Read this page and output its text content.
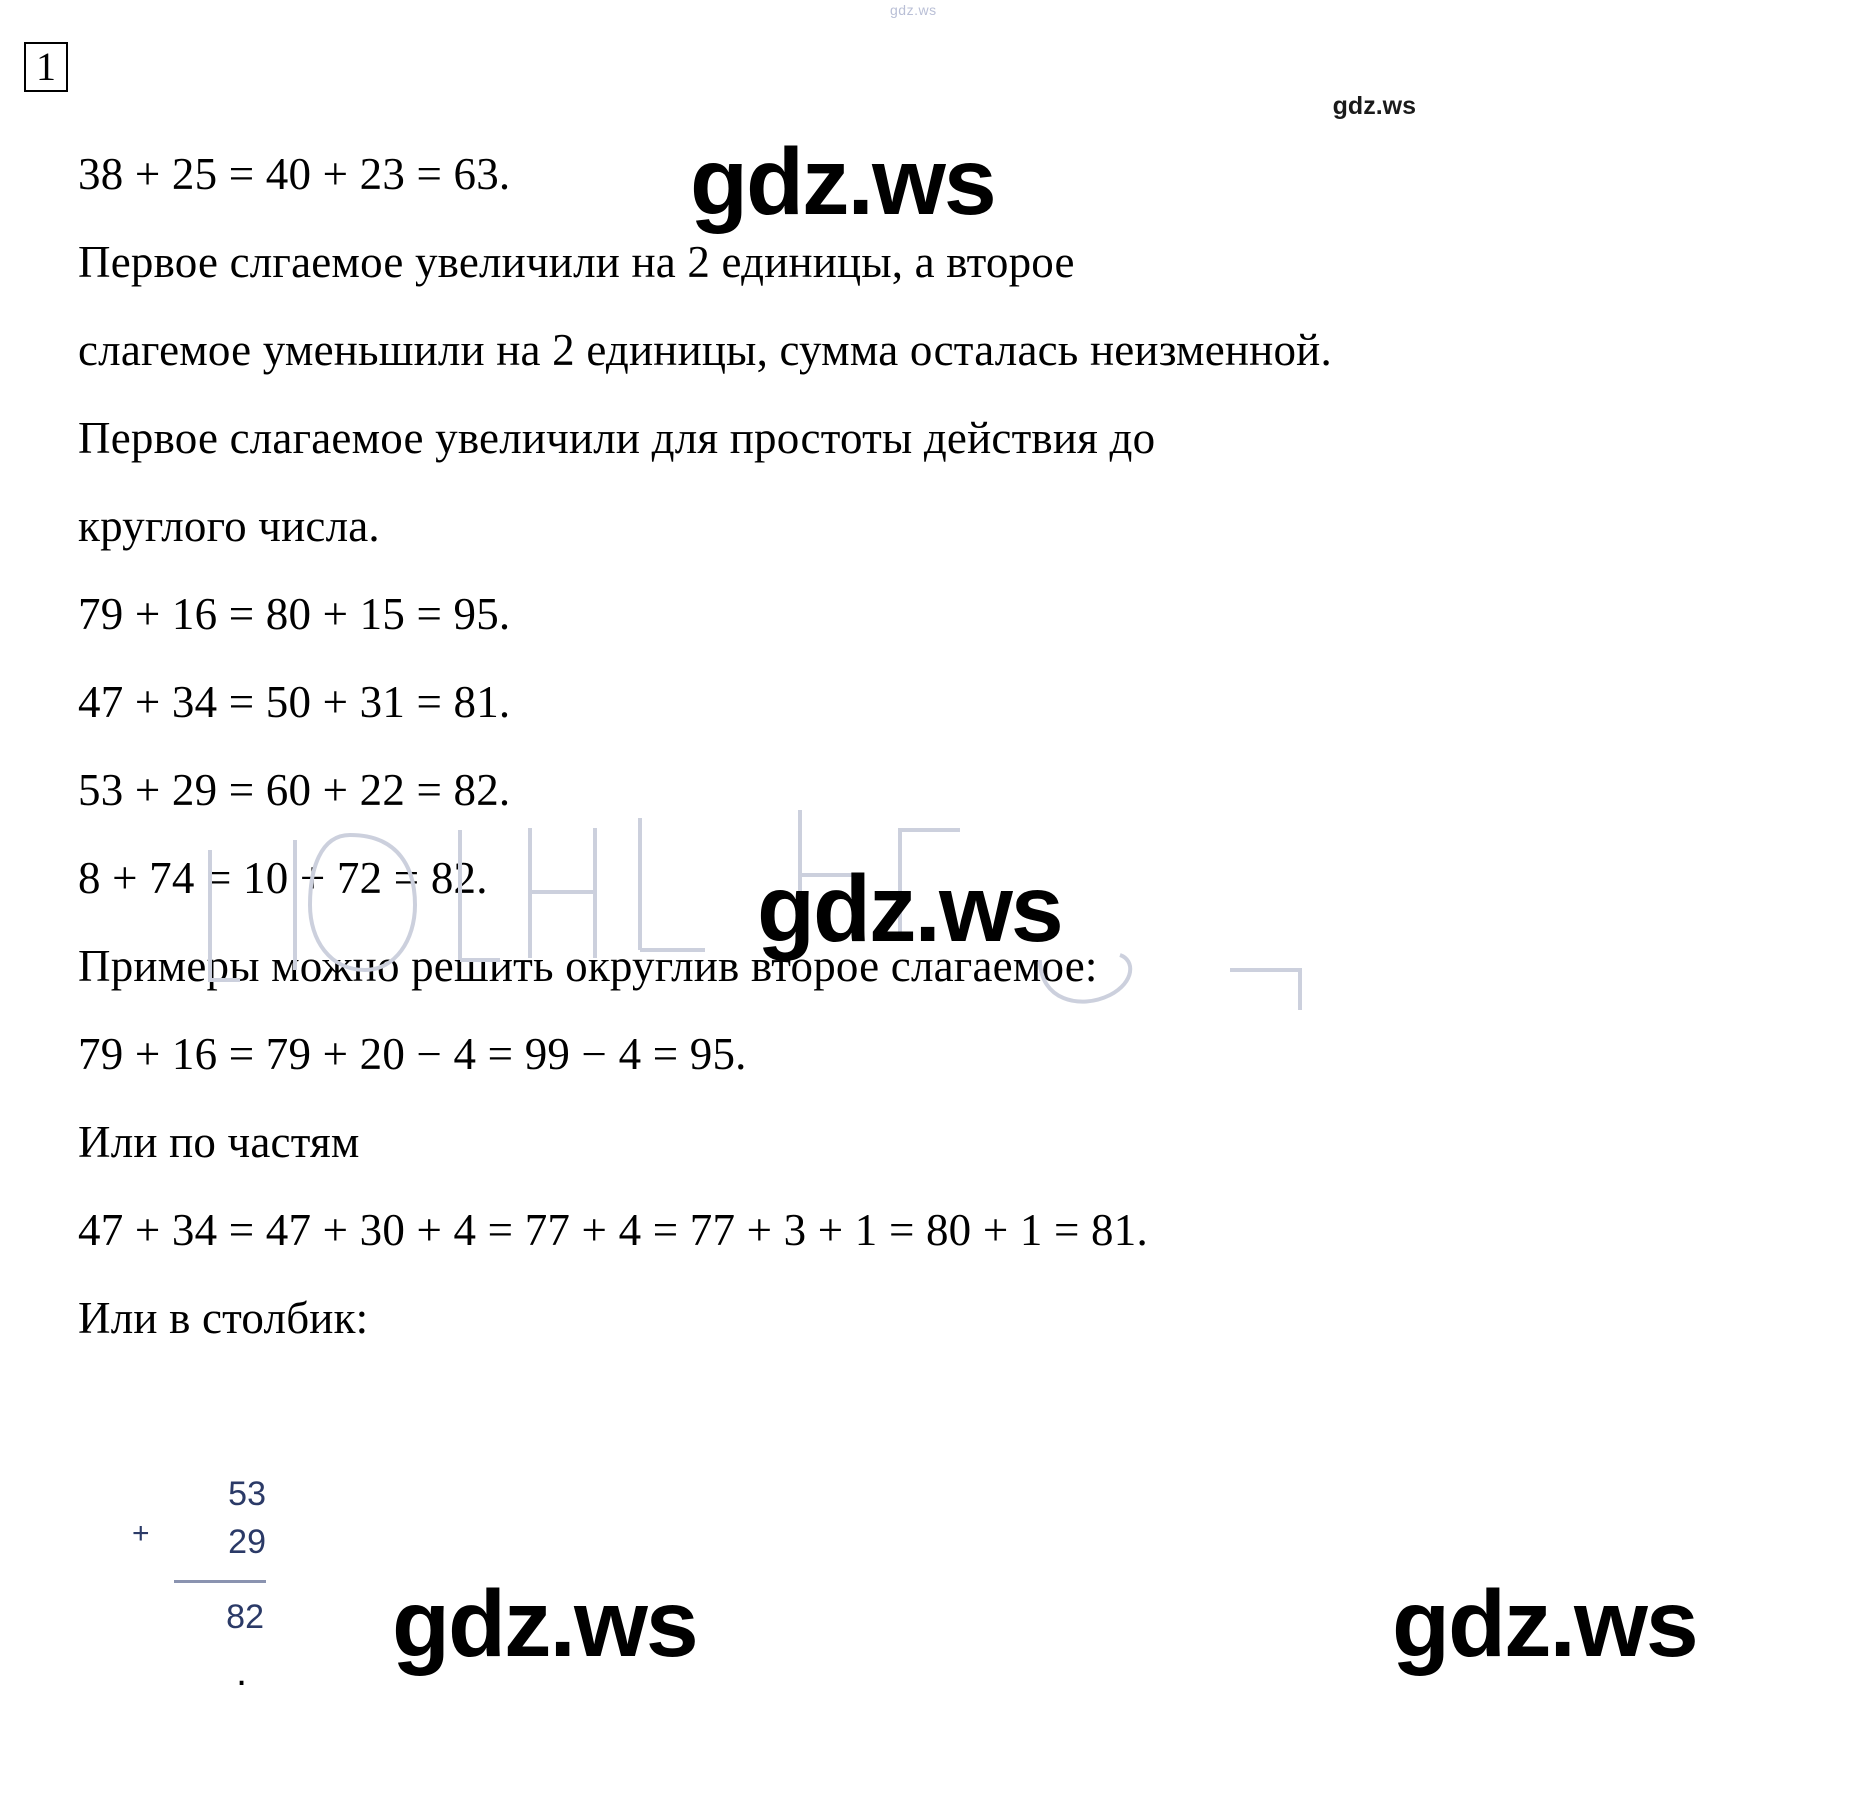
gdz.ws
1
gdz.ws
38 + 25 = 40 + 23 = 63.
Первое слгаемое увеличили на 2 единицы, а второе
слагемое уменьшили на 2 единицы, сумма осталась неизменной.
Первое слагаемое увеличили для простоты действия до
круглого числа.
79 + 16 = 80 + 15 = 95.
47 + 34 = 50 + 31 = 81.
53 + 29 = 60 + 22 = 82.
8 + 74 = 10 + 72 = 82.
Примеры можно решить округлив второе слагаемое:
79 + 16 = 79 + 20 − 4 = 99 − 4 = 95.
Или по частям
47 + 34 = 47 + 30 + 4 = 77 + 4 = 77 + 3 + 1 = 80 + 1 = 81.
Или в столбик:
gdz.ws
gdz.ws
gdz.ws	gdz.ws
+
53
29
82
.
